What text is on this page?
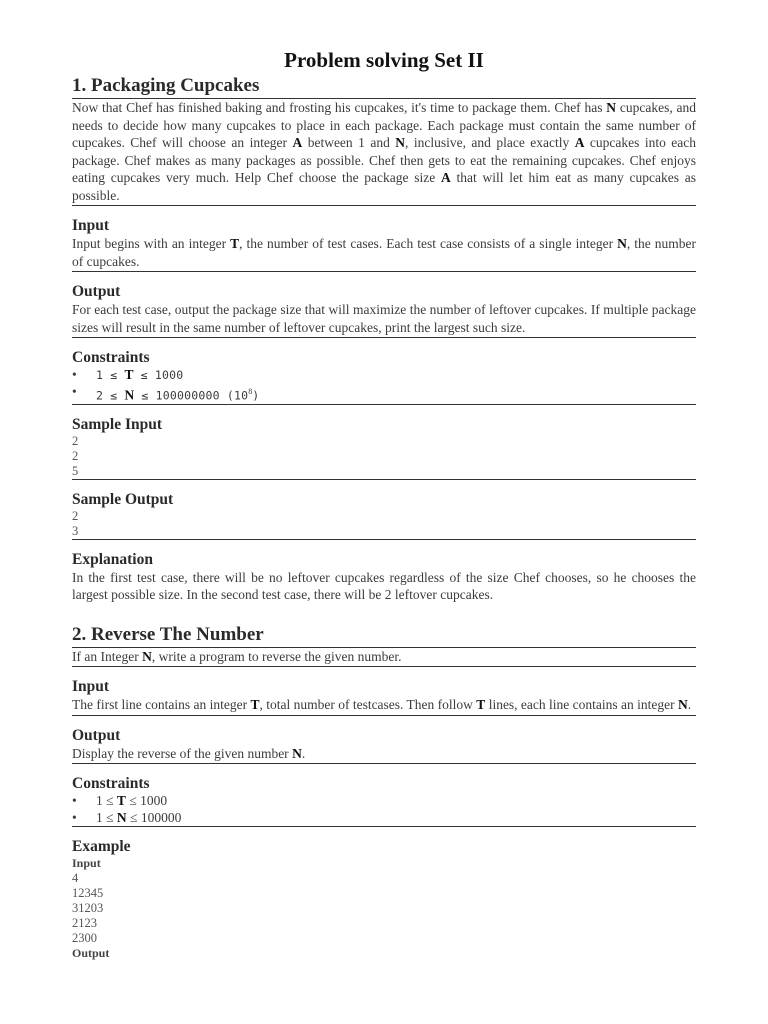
Problem solving Set II
1. Packaging Cupcakes

Now that Chef has finished baking and frosting his cupcakes, it's time to package them. Chef has N cupcakes, and needs to decide how many cupcakes to place in each package. Each package must contain the same number of cupcakes. Chef will choose an integer A between 1 and N, inclusive, and place exactly A cupcakes into each package. Chef makes as many packages as possible. Chef then gets to eat the remaining cupcakes. Chef enjoys eating cupcakes very much. Help Chef choose the package size A that will let him eat as many cupcakes as possible.

Input

Input begins with an integer T, the number of test cases. Each test case consists of a single integer N, the number of cupcakes.

Output

For each test case, output the package size that will maximize the number of leftover cupcakes. If multiple package sizes will result in the same number of leftover cupcakes, print the largest such size.

Constraints
• 1 ≤ T ≤ 1000
• 2 ≤ N ≤ 100000000 $(10^8)$
Sample Input
2
2
5
Sample Output
2
3
Explanation

In the first test case, there will be no leftover cupcakes regardless of the size Chef chooses, so he chooses the largest possible size. In the second test case, there will be 2 leftover cupcakes.

2. Reverse The Number

If an Integer N, write a program to reverse the given number.

Input

The first line contains an integer T, total number of testcases. Then follow T lines, each line contains an integer N.

Output

Display the reverse of the given number N.

Constraints
• 1 ≤ T ≤ 1000
• 1 ≤ N ≤ 100000
Example
Input
4
12345
31203
2123
2300
Output
